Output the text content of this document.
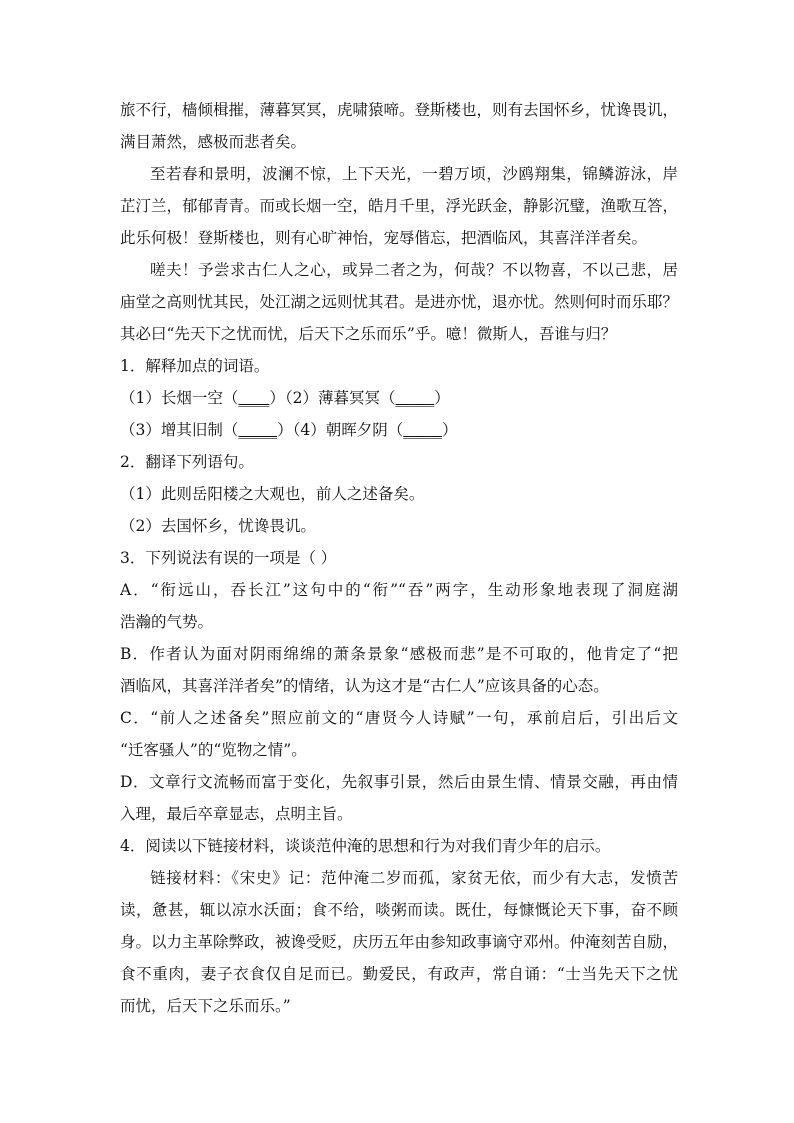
旅不行，樯倾楫摧，薄暮冥冥，虎啸猿啼。登斯楼也，则有去国怀乡，忧谗畏讥，
满目萧然，感极而悲者矣。
至若春和景明，波澜不惊，上下天光，一碧万顷，沙鸥翔集，锦鳞游泳，岸
芷汀兰，郁郁青青。而或长烟一空，皓月千里，浮光跃金，静影沉璧，渔歌互答，
此乐何极！登斯楼也，则有心旷神怡，宠辱偕忘，把酒临风，其喜洋洋者矣。
嗟夫！予尝求古仁人之心，或异二者之为，何哉？不以物喜，不以己悲，居
庙堂之高则忧其民，处江湖之远则忧其君。是进亦忧，退亦忧。然则何时而乐耶？
其必曰“先天下之忧而忧，后天下之乐而乐”乎。噫！微斯人，吾谁与归？
1．解释加点的词语。
（1）长烟一空（____）（2）薄暮冥冥（_____）
（3）增其旧制（_____）（4）朝晖夕阴（_____）
2．翻译下列语句。
（1）此则岳阳楼之大观也，前人之述备矣。
（2）去国怀乡，忧谗畏讥。
3．下列说法有误的一项是（ ）
A．“衔远山，吞长江”这句中的“衔”“吞”两字，生动形象地表现了洞庭湖
浩瀚的气势。
B．作者认为面对阴雨绵绵的萧条景象“感极而悲”是不可取的，他肯定了“把
酒临风，其喜洋洋者矣”的情绪，认为这才是“古仁人”应该具备的心态。
C．“前人之述备矣”照应前文的“唐贤今人诗赋”一句，承前启后，引出后文
“迁客骚人”的“览物之情”。
D．文章行文流畅而富于变化，先叙事引景，然后由景生情、情景交融，再由情
入理，最后卒章显志，点明主旨。
4．阅读以下链接材料，谈谈范仲淹的思想和行为对我们青少年的启示。
链接材料：《宋史》记：范仲淹二岁而孤，家贫无依，而少有大志，发愤苦
读，惫甚，辄以凉水沃面；食不给，啖粥而读。既仕，每慷慨论天下事，奋不顾
身。以力主革除弊政，被谗受贬，庆历五年由参知政事谪守邓州。仲淹刻苦自励，
食不重肉，妻子衣食仅自足而已。勤爱民，有政声，常自诵：“士当先天下之忧
而忧，后天下之乐而乐。”
